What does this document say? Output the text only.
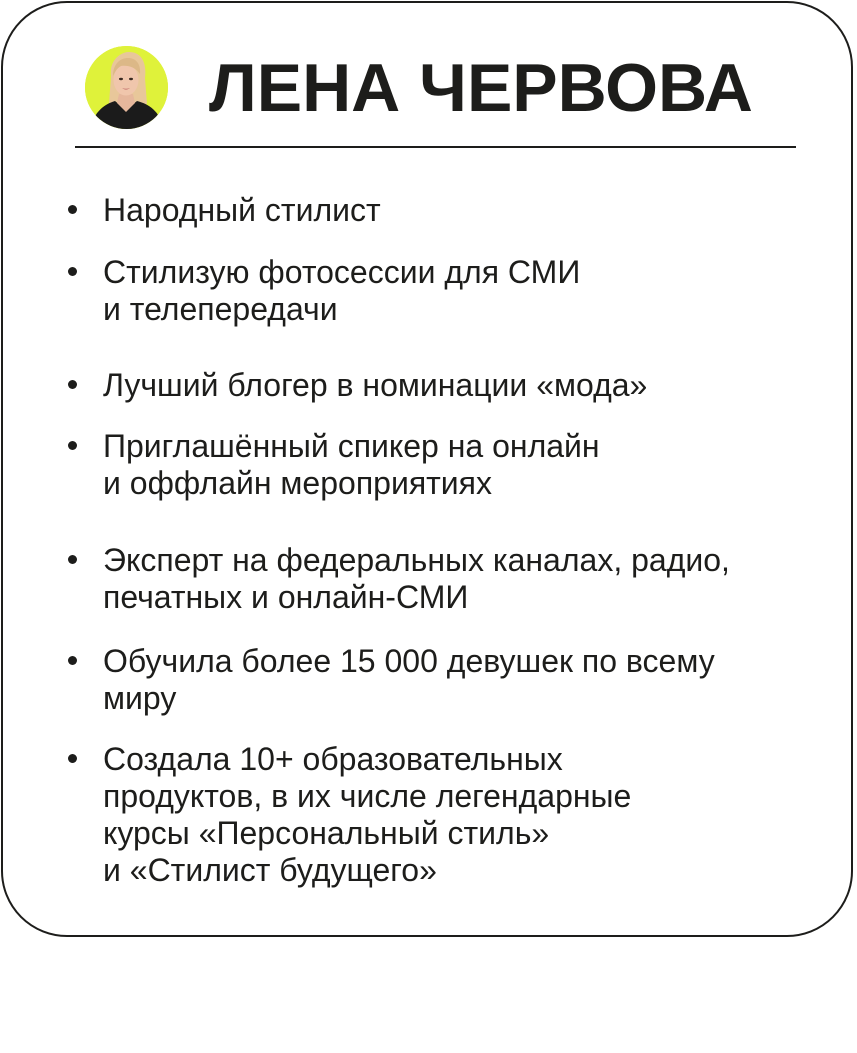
ЛЕНА ЧЕРВОВА
Народный стилист
Стилизую фотосессии для СМИ
и телепередачи
Лучший блогер в номинации «мода»
Приглашённый спикер на онлайн
и оффлайн мероприятиях
Эксперт на федеральных каналах, радио,
печатных и онлайн-СМИ
Обучила более 15 000 девушек по всему
миру
Создала 10+ образовательных
продуктов, в их числе легендарные
курсы «Персональный стиль»
и «Стилист будущего»
